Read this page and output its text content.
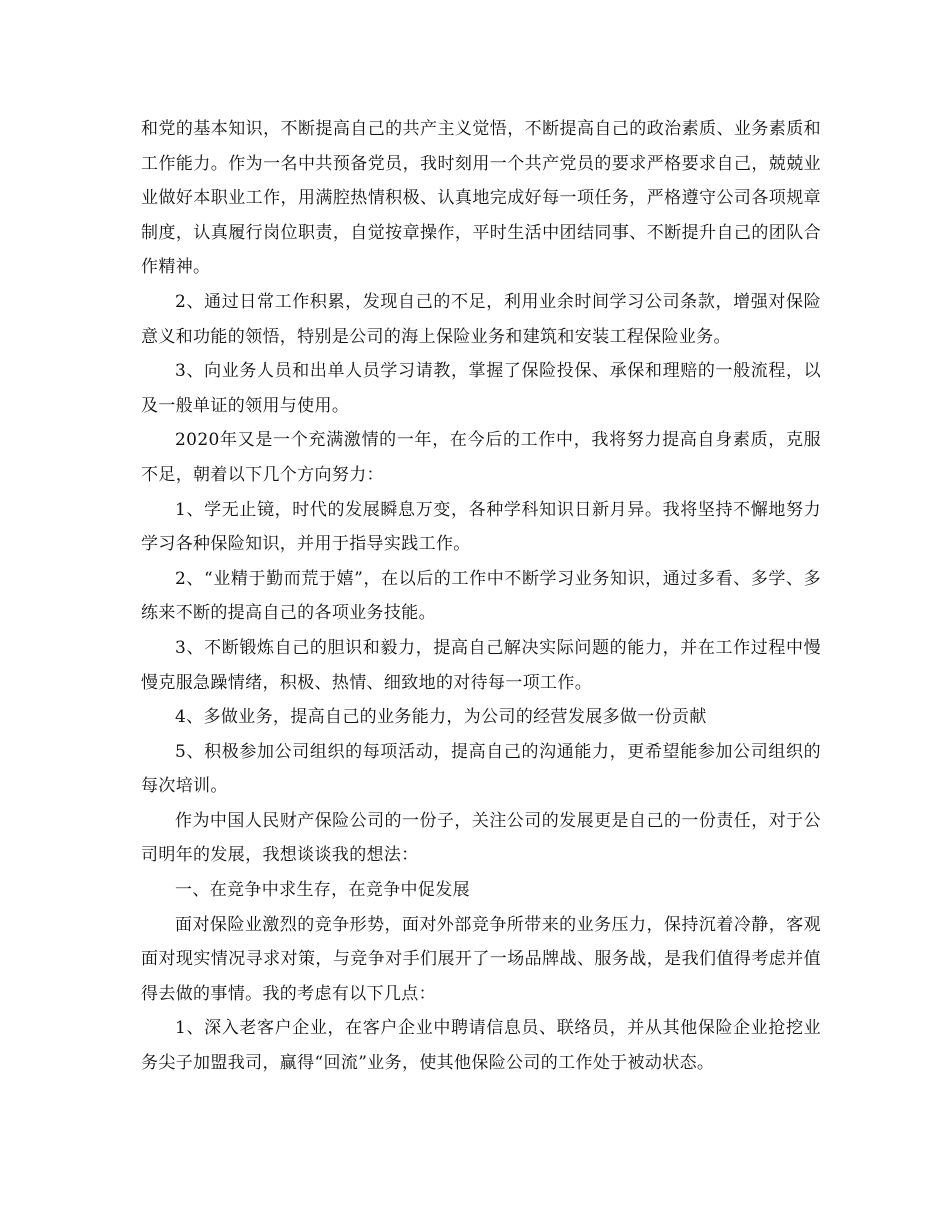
和党的基本知识，不断提高自己的共产主义觉悟，不断提高自己的政治素质、业务素质和工作能力。作为一名中共预备党员，我时刻用一个共产党员的要求严格要求自己，兢兢业业做好本职业工作，用满腔热情积极、认真地完成好每一项任务，严格遵守公司各项规章制度，认真履行岗位职责，自觉按章操作，平时生活中团结同事、不断提升自己的团队合作精神。

2、通过日常工作积累，发现自己的不足，利用业余时间学习公司条款，增强对保险意义和功能的领悟，特别是公司的海上保险业务和建筑和安装工程保险业务。

3、向业务人员和出单人员学习请教，掌握了保险投保、承保和理赔的一般流程，以及一般单证的领用与使用。

2020年又是一个充满激情的一年，在今后的工作中，我将努力提高自身素质，克服不足，朝着以下几个方向努力：

1、学无止镜，时代的发展瞬息万变，各种学科知识日新月异。我将坚持不懈地努力学习各种保险知识，并用于指导实践工作。

2、“业精于勤而荒于嬉”，在以后的工作中不断学习业务知识，通过多看、多学、多练来不断的提高自己的各项业务技能。

3、不断锻炼自己的胆识和毅力，提高自己解决实际问题的能力，并在工作过程中慢慢克服急躁情绪，积极、热情、细致地的对待每一项工作。

4、多做业务，提高自己的业务能力，为公司的经营发展多做一份贡献

5、积极参加公司组织的每项活动，提高自己的沟通能力，更希望能参加公司组织的每次培训。

作为中国人民财产保险公司的一份子，关注公司的发展更是自己的一份责任，对于公司明年的发展，我想谈谈我的想法：

一、在竞争中求生存，在竞争中促发展

面对保险业激烈的竞争形势，面对外部竞争所带来的业务压力，保持沉着冷静，客观面对现实情况寻求对策，与竞争对手们展开了一场品牌战、服务战，是我们值得考虑并值得去做的事情。我的考虑有以下几点：

1、深入老客户企业，在客户企业中聘请信息员、联络员，并从其他保险企业抢挖业务尖子加盟我司，赢得“回流”业务，使其他保险公司的工作处于被动状态。
